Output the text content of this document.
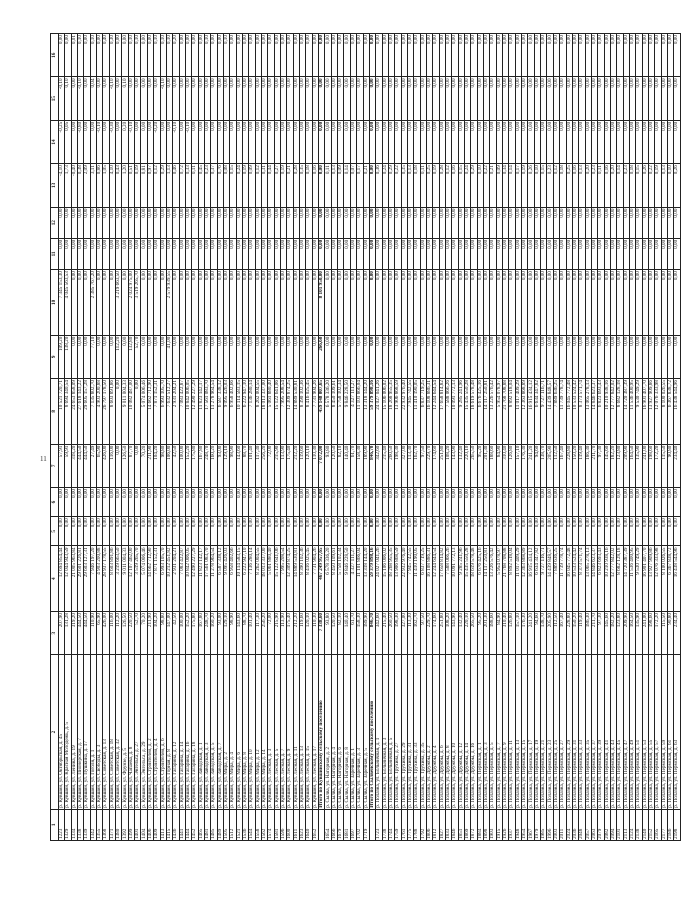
11
1	2	3	4	5	6	7	8	9	10	11	12	13	14	15	16
1223	р. Кувшин, ул. Октябрьская, д. 45	207,90	12 694 854,44	0,00	0,00	57,91	10 521 720,71	109,20	7 345 153,30	0,00	0,00	-4,10	-0,25	-0,10	0,00
1329	р. Кувшин, ул. Красная Молодёжь, д. 5	131,28	12 044 943,59	0,00	0,00	59,91	8 694 340,54	138,20	4 045 563,53	0,00	0,00	1,73	0,05	0,10	0,00
1334	р. Кувшин, ул. Ленина, д. 19	319,20	21 005 963,84	0,00	0,00	318,20	24 653 858,09	0,00	0,00	0,00	0,00	-0,40	0,00	0,00	0,01
1338	р. Кувшин, ул. Пионерская, д. 7	444,50	29 601 226,81	0,00	0,00	444,50	27 618 143,22	0,00	0,00	0,00	0,00	0,38	-0,80	-0,10	0,10
1339	р. Кувшин, ул. Пушкина, д. 17	444,50	29 603 127,31	0,00	0,00	444,50	29 605 157,28	0,00	0,00	0,00	0,00	2,09	0,00	0,00	0,00
1342	р. Кувшин, ул. Гоголя, д. 1	110,90	7 946 197,20	0,00	0,00	27,49	7 135 802,70	77,10	2 385 767,20	0,00	0,00	3,11	0,00	0,04	0,10
1355	р. Кувшин, ул. Свободы, д. 3	65,90	4 903 200,88	0,00	0,00	65,90	4 903 200,88	0,00	0,00	0,00	0,00	0,86	-0,10	0,00	0,00
1368	р. Кувшин, ул. Советская, д. 13	426,00	28 937 178,55	0,00	0,00	426,00	26 797 178,50	0,00	0,00	0,00	0,00	1,05	0,00	0,00	0,40
1371	р. Кувшин, ул. Советская, д. 18	116,00	8 603 891,86	0,00	0,00	116,00	8 603 891,86	0,00	0,00	0,00	0,00	4,10	-0,30	-0,10	0,30
1380	р. Кувшин, ул. Советская, д. 32	112,20	3 219 663,50	0,00	0,00	0,00	0,00	112,20	3 219 663,50	0,00	0,00	0,43	0,00	0,00	0,00
1392	р. Кувшин, ул. Фрунзе, д. 5	126,50	9 011 004,33	0,00	0,00	126,50	9 011 004,33	0,00	0,00	0,00	0,00	1,20	0,20	0,10	0,00
1399	р. Кувшин, ул. Чапаева, д. 8	220,50	12 107 462,00	0,00	0,00	87,70	10 082 487,00	132,80	2 024 975,00	0,00	0,00	0,51	-0,10	0,00	0,10
1401	р. Кувшин, ул. Энгельса, д. 27	52,70	3 519 265,70	0,00	0,00	0,00	0,00	52,70	3 519 265,70	0,00	0,00	0,19	0,00	0,00	0,10
1404	р. Кувшин, ул. Энгельса, д. 29	70,20	5 074 006,46	0,00	0,00	70,20	5 074 006,46	0,00	0,00	0,00	0,00	0,81	0,00	0,00	0,00
1406	р. Кувшин, ул. Строителей, д. 2	211,90	14 662 712,90	0,00	0,00	211,90	14 662 712,90	0,00	0,00	0,00	0,00	0,97	0,00	0,00	0,00
1409	р. Кувшин, ул. Строителей, д. 4	104,20	7 871 152,31	0,00	0,00	104,20	7 871 152,31	0,00	0,00	0,00	0,00	0,12	-0,20	0,00	0,10
1413	р. Кувшин, ул. Строителей, д. 6	98,80	6 993 105,70	0,00	0,00	98,80	6 993 105,70	0,00	0,00	0,00	0,00	0,29	0,00	-0,10	0,10
1415	р. Кувшин, ул. Горная, д. 8	147,00	10 212 451,82	0,00	0,00	106,00	7 632 512,27	41,00	2 579 939,55	0,00	0,00	1,13	0,00	0,00	0,10
1436	р. Кувшин, ул. Гагарина, д. 12	42,50	2 931 204,21	0,00	0,00	42,50	2 931 204,21	0,00	0,00	0,00	0,00	0,46	-0,10	0,00	0,20
1441	р. Кувшин, ул. Гагарина, д. 14	100,00	7 083 422,87	0,00	0,00	100,00	7 083 422,87	0,00	0,00	0,00	0,00	0,72	0,00	0,00	0,00
1444	р. Кувшин, ул. Гагарина, д. 16	152,20	10 842 006,05	0,00	0,00	152,20	10 842 006,05	0,00	0,00	0,00	0,00	0,33	-0,10	0,00	0,00
1452	р. Кувшин, ул. Гагарина, д. 18	175,80	12 490 227,29	0,00	0,00	175,80	12 490 227,29	0,00	0,00	0,00	0,00	0,11	0,00	0,00	0,00
1465	р. Кувшин, ул. Заводская, д. 1	167,80	11 823 142,17	0,00	0,00	167,80	11 823 142,17	0,00	0,00	0,00	0,00	0,45	0,00	0,00	0,00
1481	р. Кувшин, ул. Заводская, д. 3	248,70	17 561 083,70	0,00	0,00	248,70	17 561 083,70	0,00	0,00	0,00	0,00	0,23	0,00	0,00	0,10
1485	р. Кувшин, ул. Заводская, д. 5	160,20	11 278 964,54	0,00	0,00	160,20	11 278 964,54	0,00	0,00	0,00	0,00	0,37	0,00	0,00	0,00
1489	р. Кувшин, ул. Заводская, д. 7	93,00	6 587 338,12	0,00	0,00	93,00	6 587 338,12	0,00	0,00	0,00	0,00	0,76	0,00	0,00	0,00
1505	р. Кувшин, ул. Мира, д. 2	129,10	9 095 426,03	0,00	0,00	129,10	9 095 426,03	0,00	0,00	0,00	0,00	0,08	0,00	0,00	0,10
1512	р. Кувшин, ул. Мира, д. 4	98,90	6 958 402,66	0,00	0,00	98,90	6 958 402,66	0,00	0,00	0,00	0,00	0,15	0,00	0,00	0,00
1521	р. Кувшин, ул. Мира, д. 6	143,60	10 114 583,15	0,00	0,00	143,60	10 114 583,15	0,00	0,00	0,00	0,00	0,24	0,00	0,00	0,00
1536	р. Кувшин, ул. Мира, д. 8	88,70	6 222 947,10	0,00	0,00	88,70	6 222 947,10	0,00	0,00	0,00	0,00	0,19	0,00	0,00	0,00
1544	р. Кувшин, ул. Мира, д. 10	101,40	7 136 280,14	0,00	0,00	101,40	7 136 280,14	0,00	0,00	0,00	0,00	0,09	0,00	0,00	0,00
1558	р. Кувшин, ул. Мира, д. 12	117,30	8 262 004,55	0,00	0,00	117,30	8 262 004,55	0,00	0,00	0,00	0,00	0,12	0,00	0,00	0,00
1562	р. Кувшин, ул. Мира, д. 14	256,20	18 013 337,00	0,00	0,00	256,20	18 013 337,00	0,00	0,00	0,00	0,00	0,31	0,00	0,00	0,00
1574	р. Кувшин, ул. Лесная, д. 3	72,00	5 061 880,40	0,00	0,00	72,00	5 061 880,40	0,00	0,00	0,00	0,00	0,44	0,00	0,00	0,00
1581	р. Кувшин, ул. Лесная, д. 5	215,90	15 122 641,06	0,00	0,00	215,90	15 122 641,06	0,00	0,00	0,00	0,00	0,27	0,00	0,00	0,00
1596	р. Кувшин, ул. Лесная, д. 7	113,90	7 995 208,54	0,00	0,00	113,90	7 995 208,54	0,00	0,00	0,00	0,00	0,19	0,00	0,00	0,00
1600	р. Кувшин, ул. Лесная, д. 9	175,40	12 309 874,25	0,00	0,00	175,40	12 309 874,25	0,00	0,00	0,00	0,00	0,21	0,00	0,00	0,00
1611	р. Кувшин, ул. Лесная, д. 11	212,20	14 889 530,81	0,00	0,00	212,20	14 889 530,81	0,00	0,00	0,00	0,00	0,28	0,00	0,00	0,00
1623	р. Кувшин, ул. Лесная, д. 13	119,60	8 390 102,36	0,00	0,00	119,60	8 390 102,36	0,00	0,00	0,00	0,00	0,35	0,00	0,00	0,00
1640	р. Кувшин, ул. Лесная, д. 15	120,10	8 416 025,45	0,00	0,00	120,10	8 416 025,45	0,00	0,00	0,00	0,00	0,18	0,00	0,00	0,00
1652	р. Кувшин, ул. Лесная, д. 17	110,30	7 731 904,26	0,00	0,00	110,30	7 731 904,26	0,00	0,00	0,00	0,00	0,16	0,00	0,00	0,00
	Итого по Кувшинскому сельскому поселению	7 338,60	467 249 957,65	0,00	0,00	7 072,00	459 148 007,65	266,60	8 101 950,00	0,00	0,00	0,00	0,00	0,00	0,00
1654	р. Сылва, ул. Нагорная, д. 2	93,80	6 578 336,20	0,00	0,00	93,80	6 578 336,20	0,00	0,00	0,00	0,00	0,11	0,00	0,00	0,00
1666	р. Сылва, ул. Нагорная, д. 4	120,50	8 450 109,61	0,00	0,00	120,50	8 450 109,61	0,00	0,00	0,00	0,00	0,13	0,00	0,00	0,00
1679	р. Сылва, ул. Нагорная, д. 6	82,10	5 758 102,34	0,00	0,00	82,10	5 758 102,34	0,00	0,00	0,00	0,00	0,09	0,00	0,00	0,00
1681	р. Сылва, ул. Нагорная, д. 8	140,40	9 846 228,50	0,00	0,00	140,40	9 846 228,50	0,00	0,00	0,00	0,00	0,14	0,00	0,00	0,00
1697	р. Сылва, ул. Заречная, д. 1	61,70	4 327 111,27	0,00	0,00	61,70	4 327 111,27	0,00	0,00	0,00	0,00	0,07	0,00	0,00	0,00
1702	р. Сылва, ул. Заречная, д. 3	158,30	11 101 866,04	0,00	0,00	158,30	11 101 866,04	0,00	0,00	0,00	0,00	0,17	0,00	0,00	0,00
1719	р. Сылва, ул. Заречная, д. 5	189,90	13 318 144,20	0,00	0,00	189,90	13 318 144,20	0,00	0,00	0,00	0,00	0,21	0,00	0,00	0,00
	Итого по Сылвенскому сельскому поселению	846,70	59 379 898,16	0,00	0,00	846,70	59 379 898,16	0,00	0,00	0,00	0,00	0,00	0,00	0,00	0,00
1723	р. Полазна, ул. Больничная, д. 1	342,60	24 027 041,26	0,00	0,00	342,60	24 027 041,26	0,00	0,00	0,00	0,00	0,36	0,00	0,00	0,00
1738	р. Полазна, ул. Больничная, д. 3	215,40	15 106 006,02	0,00	0,00	215,40	15 106 006,02	0,00	0,00	0,00	0,00	0,24	0,00	0,00	0,00
1744	р. Полазна, ул. Больничная, д. 5	260,50	18 268 955,35	0,00	0,00	260,50	18 268 955,35	0,00	0,00	0,00	0,00	0,29	0,00	0,00	0,00
1759	р. Полазна, ул. Трухина, д. 27	198,30	13 906 868,59	0,00	0,00	198,30	13 906 868,59	0,00	0,00	0,00	0,00	0,22	0,00	0,00	0,00
1761	р. Полазна, ул. Трухина, д. 29	327,00	22 932 976,40	0,00	0,00	327,00	22 932 976,40	0,00	0,00	0,00	0,00	0,35	0,00	0,00	0,00
1775	р. Полазна, ул. Трухина, д. 31	113,30	7 945 742,55	0,00	0,00	113,30	7 945 742,55	0,00	0,00	0,00	0,00	0,13	0,00	0,00	0,00
1788	р. Полазна, ул. Трухина, д. 33	162,70	11 410 190,05	0,00	0,00	162,70	11 410 190,05	0,00	0,00	0,00	0,00	0,18	0,00	0,00	0,00
1792	р. Полазна, ул. Трухина, д. 35	97,50	6 837 719,25	0,00	0,00	97,50	6 837 719,25	0,00	0,00	0,00	0,00	0,11	0,00	0,00	0,00
1806	р. Полазна, ул. Дружбы, д. 2	229,70	16 108 886,31	0,00	0,00	229,70	16 108 886,31	0,00	0,00	0,00	0,00	0,25	0,00	0,00	0,00
1812	р. Полазна, ул. Дружбы, д. 4	174,60	12 244 644,54	0,00	0,00	174,60	12 244 644,54	0,00	0,00	0,00	0,00	0,19	0,00	0,00	0,00
1827	р. Полазна, ул. Дружбы, д. 6	251,80	17 658 814,82	0,00	0,00	251,80	17 658 814,82	0,00	0,00	0,00	0,00	0,28	0,00	0,00	0,00
1833	р. Полазна, ул. Дружбы, д. 8	108,20	7 588 066,26	0,00	0,00	108,20	7 588 066,26	0,00	0,00	0,00	0,00	0,12	0,00	0,00	0,00
1846	р. Полазна, ул. Дружбы, д. 10	143,90	10 091 772,13	0,00	0,00	143,90	10 091 772,13	0,00	0,00	0,00	0,00	0,16	0,00	0,00	0,00
1851	р. Полазна, ул. Дружбы, д. 12	132,40	9 285 241,96	0,00	0,00	132,40	9 285 241,96	0,00	0,00	0,00	0,00	0,15	0,00	0,00	0,00
1869	р. Полазна, ул. Дружбы, д. 14	220,10	15 435 550,28	0,00	0,00	220,10	15 435 550,28	0,00	0,00	0,00	0,00	0,24	0,00	0,00	0,00
1872	р. Полазна, ул. Дружбы, д. 16	265,50	18 619 578,48	0,00	0,00	265,50	18 619 578,48	0,00	0,00	0,00	0,00	0,29	0,00	0,00	0,00
1884	р. Полазна, ул. Пермская, д. 1	95,20	6 676 425,16	0,00	0,00	95,20	6 676 425,16	0,00	0,00	0,00	0,00	0,10	0,00	0,00	0,00
1898	р. Полазна, ул. Пермская, д. 3	201,30	14 117 250,81	0,00	0,00	201,30	14 117 250,81	0,00	0,00	0,00	0,00	0,22	0,00	0,00	0,00
1903	р. Полазна, ул. Пермская, д. 5	188,60	13 226 576,42	0,00	0,00	188,60	13 226 576,42	0,00	0,00	0,00	0,00	0,21	0,00	0,00	0,00
1915	р. Полазна, ул. Пермская, д. 7	84,90	5 954 078,97	0,00	0,00	84,90	5 954 078,97	0,00	0,00	0,00	0,00	0,09	0,00	0,00	0,00
1926	р. Полазна, ул. Пермская, д. 9	310,40	21 768 708,88	0,00	0,00	310,40	21 768 708,88	0,00	0,00	0,00	0,00	0,34	0,00	0,00	0,00
1937	р. Полазна, ул. Пермская, д. 11	126,80	8 892 518,04	0,00	0,00	126,80	8 892 518,04	0,00	0,00	0,00	0,00	0,14	0,00	0,00	0,00
1948	р. Полазна, ул. Пермская, д. 13	157,10	11 017 409,29	0,00	0,00	157,10	11 017 409,29	0,00	0,00	0,00	0,00	0,17	0,00	0,00	0,00
1954	р. Полазна, ул. Пермская, д. 15	176,30	12 363 868,89	0,00	0,00	176,30	12 363 868,89	0,00	0,00	0,00	0,00	0,19	0,00	0,00	0,00
1967	р. Полазна, ул. Пермская, д. 17	241,20	16 915 434,12	0,00	0,00	241,20	16 915 434,12	0,00	0,00	0,00	0,00	0,26	0,00	0,00	0,00
1979	р. Полазна, ул. Пермская, д. 19	94,60	6 634 347,82	0,00	0,00	94,60	6 634 347,82	0,00	0,00	0,00	0,00	0,10	0,00	0,00	0,00
1985	р. Полазна, ул. Пермская, д. 21	138,70	9 727 116,71	0,00	0,00	138,70	9 727 116,71	0,00	0,00	0,00	0,00	0,15	0,00	0,00	0,00
1996	р. Полазна, ул. Пермская, д. 23	205,90	14 439 848,57	0,00	0,00	205,90	14 439 848,57	0,00	0,00	0,00	0,00	0,23	0,00	0,00	0,00
2003	р. Полазна, ул. Пермская, д. 25	112,50	7 889 636,25	0,00	0,00	112,50	7 889 636,25	0,00	0,00	0,00	0,00	0,12	0,00	0,00	0,00
2011	р. Полазна, ул. Пермская, д. 27	167,40	11 739 778,74	0,00	0,00	167,40	11 739 778,74	0,00	0,00	0,00	0,00	0,18	0,00	0,00	0,00
2024	р. Полазна, ул. Пермская, д. 29	228,80	16 045 772,48	0,00	0,00	228,80	16 045 772,48	0,00	0,00	0,00	0,00	0,25	0,00	0,00	0,00
2036	р. Полазна, ул. Пермская, д. 31	150,20	10 533 524,42	0,00	0,00	150,20	10 533 524,42	0,00	0,00	0,00	0,00	0,16	0,00	0,00	0,00
2048	р. Полазна, ул. Пермская, д. 33	119,40	8 373 571,74	0,00	0,00	119,40	8 373 571,74	0,00	0,00	0,00	0,00	0,13	0,00	0,00	0,00
2057	р. Полазна, ул. Пермская, д. 35	186,30	13 065 278,13	0,00	0,00	186,30	13 065 278,13	0,00	0,00	0,00	0,00	0,20	0,00	0,00	0,00
2063	р. Полазна, ул. Пермская, д. 37	211,70	14 846 623,37	0,00	0,00	211,70	14 846 623,37	0,00	0,00	0,00	0,00	0,23	0,00	0,00	0,00
2079	р. Полазна, ул. Пермская, д. 39	97,30	6 823 693,43	0,00	0,00	97,30	6 823 693,43	0,00	0,00	0,00	0,00	0,11	0,00	0,00	0,00
2082	р. Полазна, ул. Пермская, д. 41	145,60	10 210 938,16	0,00	0,00	145,60	10 210 938,16	0,00	0,00	0,00	0,00	0,16	0,00	0,00	0,00
2094	р. Полазна, ул. Пермская, д. 43	182,20	12 777 842,02	0,00	0,00	182,20	12 777 842,02	0,00	0,00	0,00	0,00	0,20	0,00	0,00	0,00
2101	р. Полазна, ул. Пермская, д. 45	123,80	8 682 128,18	0,00	0,00	123,80	8 682 128,18	0,00	0,00	0,00	0,00	0,14	0,00	0,00	0,00
2113	р. Полазна, ул. Пермская, д. 47	209,90	14 720 387,39	0,00	0,00	209,90	14 720 387,39	0,00	0,00	0,00	0,00	0,23	0,00	0,00	0,00
2124	р. Полазна, ул. Пермская, д. 49	164,50	11 536 400,95	0,00	0,00	164,50	11 536 400,95	0,00	0,00	0,00	0,00	0,18	0,00	0,00	0,00
2138	р. Полазна, ул. Пермская, д. 51	135,90	9 530 749,29	0,00	0,00	135,90	9 530 749,29	0,00	0,00	0,00	0,00	0,15	0,00	0,00	0,00
2140	р. Полазна, ул. Пермская, д. 53	241,00	16 901 407,70	0,00	0,00	241,00	16 901 407,70	0,00	0,00	0,00	0,00	0,26	0,00	0,00	0,00
2152	р. Полазна, ул. Пермская, д. 55	198,60	13 927 909,86	0,00	0,00	198,60	13 927 909,86	0,00	0,00	0,00	0,00	0,22	0,00	0,00	0,00
2165	р. Полазна, ул. Пермская, д. 57	172,20	12 076 333,98	0,00	0,00	172,20	12 076 333,98	0,00	0,00	0,00	0,00	0,19	0,00	0,00	0,00
2177	р. Полазна, ул. Пермская, д. 59	115,50	8 100 026,55	0,00	0,00	115,50	8 100 026,55	0,00	0,00	0,00	0,00	0,13	0,00	0,00	0,00
2186	р. Полазна, ул. Пермская, д. 61	90,80	6 367 838,72	0,00	0,00	90,80	6 367 838,72	0,00	0,00	0,00	0,00	0,10	0,00	0,00	0,00
2198	р. Полазна, ул. Пермская, д. 63	234,40	16 438 544,96	0,00	0,00	234,40	16 438 544,96	0,00	0,00	0,00	0,00	0,26	0,00	0,00	0,00
